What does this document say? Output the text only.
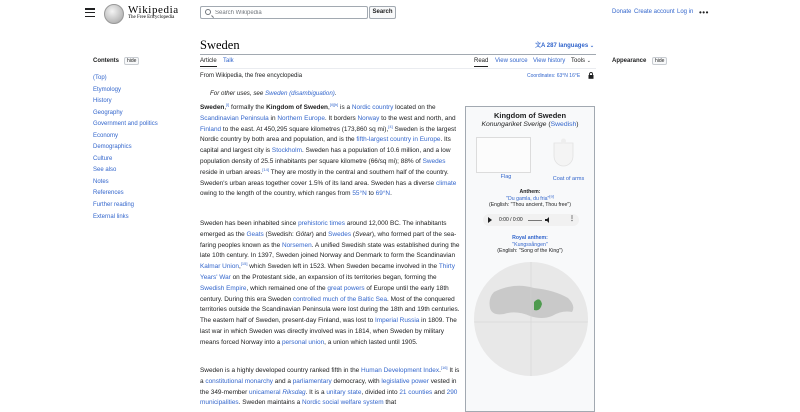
Wikipedia
The Free Encyclopedia
Search Wikipedia
Search	Donate Create account Log in •••
Contents	hide
(Top)
Etymology
History
Geography
Government and politics
Economy
Demographics
Culture
See also
Notes
References
Further reading
External links
Sweden	文A 287 languages ⌄
Article Talk	Read View source View history Tools ⌄
From Wikipedia, the free encyclopedia	Coordinates: 63°N 16°E
For other uses, see Sweden (disambiguation).
Appearance	hide
Sweden,[i] formally the Kingdom of Sweden,[ii][h] is a Nordic country located on the Scandinavian Peninsula in Northern Europe. It borders Norway to the west and north, and Finland to the east. At 450,295 square kilometres (173,860 sq mi),[4] Sweden is the largest Nordic country by both area and population, and is the fifth-largest country in Europe. Its capital and largest city is Stockholm. Sweden has a population of 10.6 million, and a low population density of 25.5 inhabitants per square kilometre (66/sq mi); 88% of Swedes reside in urban areas.[14] They are mostly in the central and southern half of the country. Sweden's urban areas together cover 1.5% of its land area. Sweden has a diverse climate owing to the length of the country, which ranges from 55°N to 69°N.
Sweden has been inhabited since prehistoric times around 12,000 BC. The inhabitants emerged as the Geats (Swedish: Götar) and Swedes (Svear), who formed part of the sea-faring peoples known as the Norsemen. A unified Swedish state was established during the late 10th century. In 1397, Sweden joined Norway and Denmark to form the Scandinavian Kalmar Union,[15] which Sweden left in 1523. When Sweden became involved in the Thirty Years' War on the Protestant side, an expansion of its territories began, forming the Swedish Empire, which remained one of the great powers of Europe until the early 18th century. During this era Sweden controlled much of the Baltic Sea. Most of the conquered territories outside the Scandinavian Peninsula were lost during the 18th and 19th centuries. The eastern half of Sweden, present-day Finland, was lost to Imperial Russia in 1809. The last war in which Sweden was directly involved was in 1814, when Sweden by military means forced Norway into a personal union, a union which lasted until 1905.
Sweden is a highly developed country ranked fifth in the Human Development Index.[16] It is a constitutional monarchy and a parliamentary democracy, with legislative power vested in the 349-member unicameral Riksdag. It is a unitary state, divided into 21 counties and 290 municipalities. Sweden maintains a Nordic social welfare system that
Kingdom of Sweden
Konungariket Sverige (Swedish)
Flag	Coat of arms
Anthem:
"Du gamla, du fria"[a]
(English: "Thou ancient, Thou free")
0:00 / 0:00	⋮
Royal anthem:
"Kungssången"
(English: "Song of the King")
